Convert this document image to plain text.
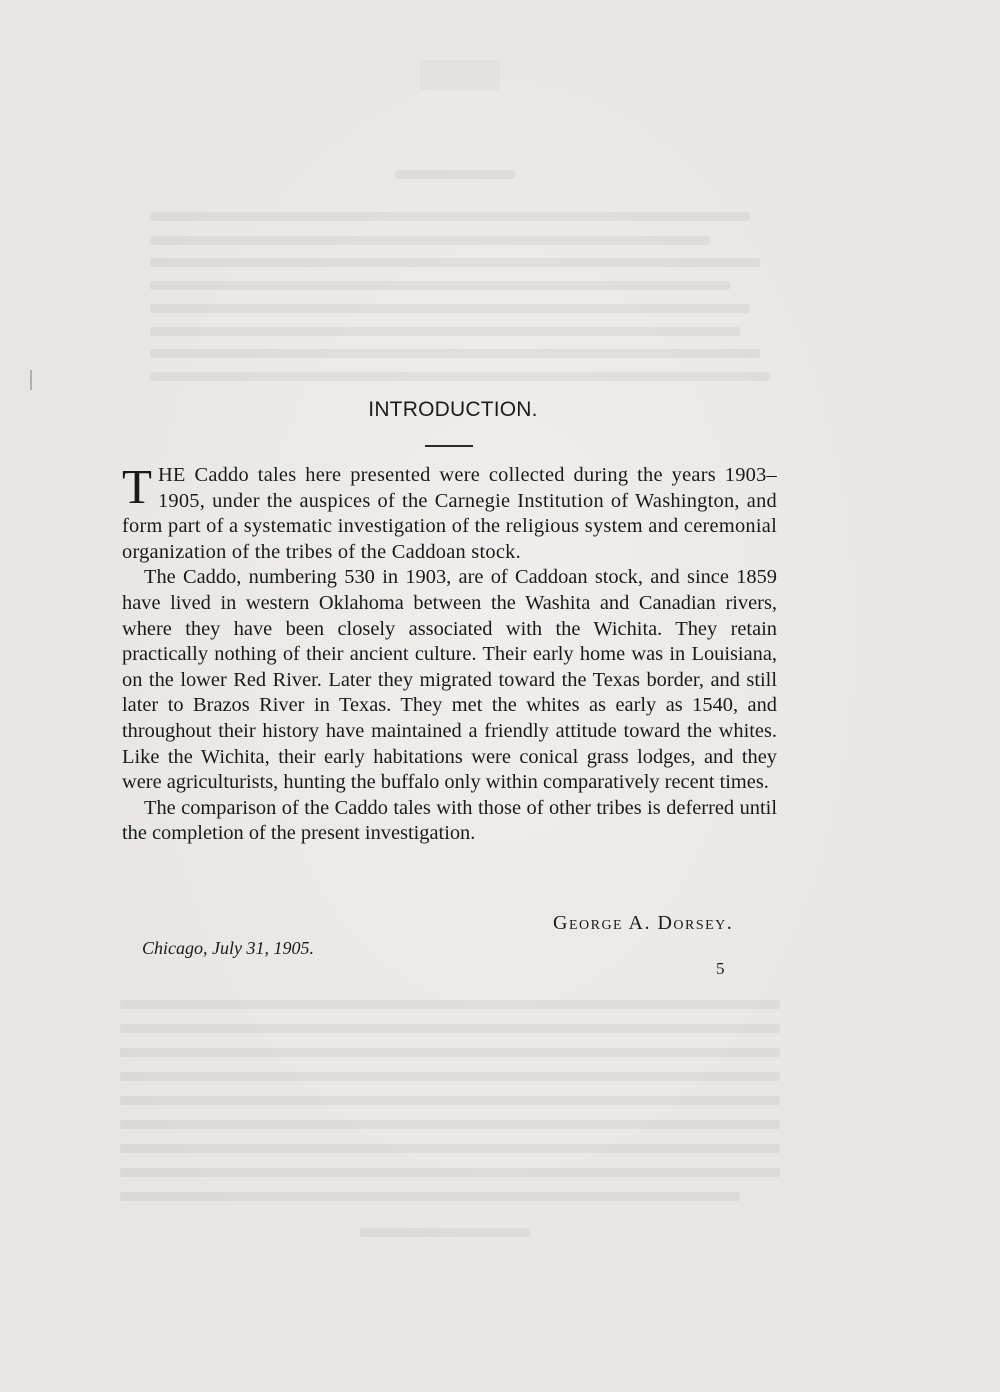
INTRODUCTION.

THE Caddo tales here presented were collected during the years 1903–1905, under the auspices of the Carnegie Institution of Washington, and form part of a systematic investigation of the religious system and ceremonial organization of the tribes of the Caddoan stock.

The Caddo, numbering 530 in 1903, are of Caddoan stock, and since 1859 have lived in western Oklahoma between the Washita and Canadian rivers, where they have been closely associated with the Wichita. They retain practically nothing of their ancient culture. Their early home was in Louisiana, on the lower Red River. Later they migrated toward the Texas border, and still later to Brazos River in Texas. They met the whites as early as 1540, and throughout their history have maintained a friendly attitude toward the whites. Like the Wichita, their early habitations were conical grass lodges, and they were agriculturists, hunting the buffalo only within comparatively recent times.

The comparison of the Caddo tales with those of other tribes is deferred until the completion of the present investigation.

George A. Dorsey.
Chicago, July 31, 1905.
5
